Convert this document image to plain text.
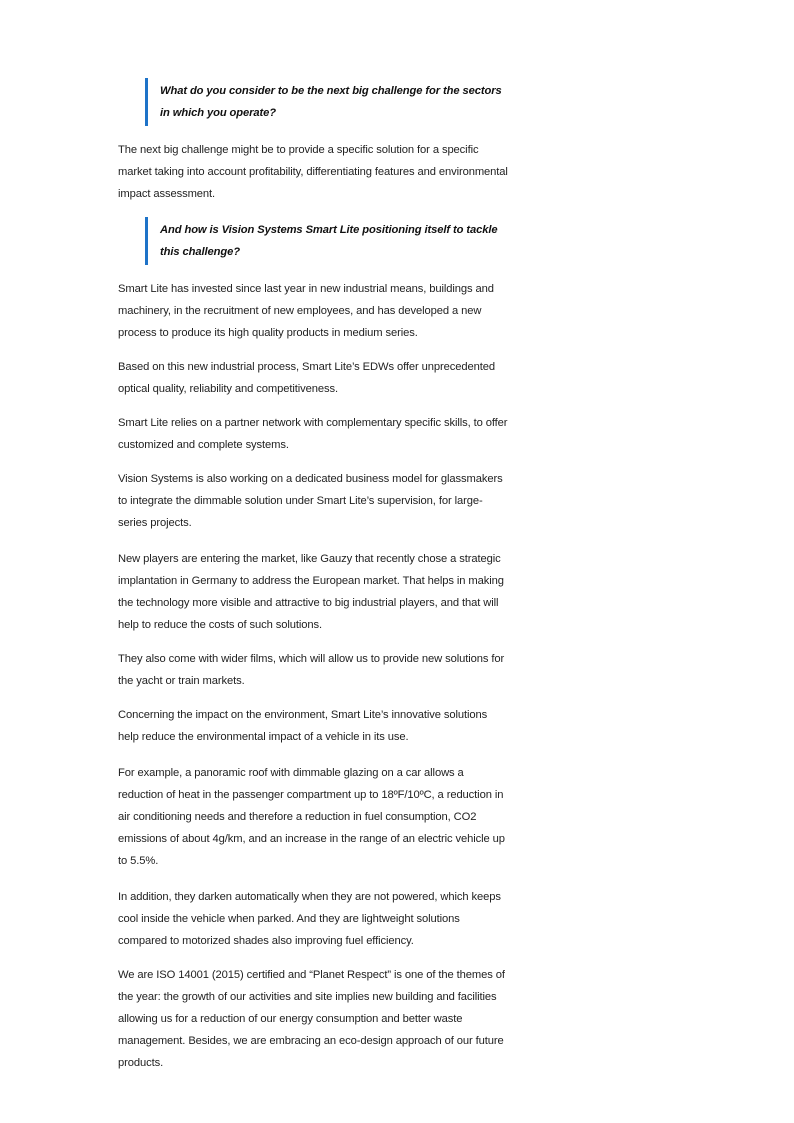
What do you consider to be the next big challenge for the sectors in which you operate?

The next big challenge might be to provide a specific solution for a specific market taking into account profitability, differentiating features and environmental impact assessment.

And how is Vision Systems Smart Lite positioning itself to tackle this challenge?

Smart Lite has invested since last year in new industrial means, buildings and machinery, in the recruitment of new employees, and has developed a new process to produce its high quality products in medium series.

Based on this new industrial process, Smart Lite’s EDWs offer unprecedented optical quality, reliability and competitiveness.

Smart Lite relies on a partner network with complementary specific skills, to offer customized and complete systems.

Vision Systems is also working on a dedicated business model for glassmakers to integrate the dimmable solution under Smart Lite’s supervision, for large-series projects.

New players are entering the market, like Gauzy that recently chose a strategic implantation in Germany to address the European market. That helps in making the technology more visible and attractive to big industrial players, and that will help to reduce the costs of such solutions.

They also come with wider films, which will allow us to provide new solutions for the yacht or train markets.

Concerning the impact on the environment, Smart Lite’s innovative solutions help reduce the environmental impact of a vehicle in its use.

For example, a panoramic roof with dimmable glazing on a car allows a reduction of heat in the passenger compartment up to 18ºF/10ºC, a reduction in air conditioning needs and therefore a reduction in fuel consumption, CO2 emissions of about 4g/km, and an increase in the range of an electric vehicle up to 5.5%.

In addition, they darken automatically when they are not powered, which keeps cool inside the vehicle when parked. And they are lightweight solutions compared to motorized shades also improving fuel efficiency.

We are ISO 14001 (2015) certified and “Planet Respect” is one of the themes of the year: the growth of our activities and site implies new building and facilities allowing us for a reduction of our energy consumption and better waste management. Besides, we are embracing an eco-design approach of our future products.
